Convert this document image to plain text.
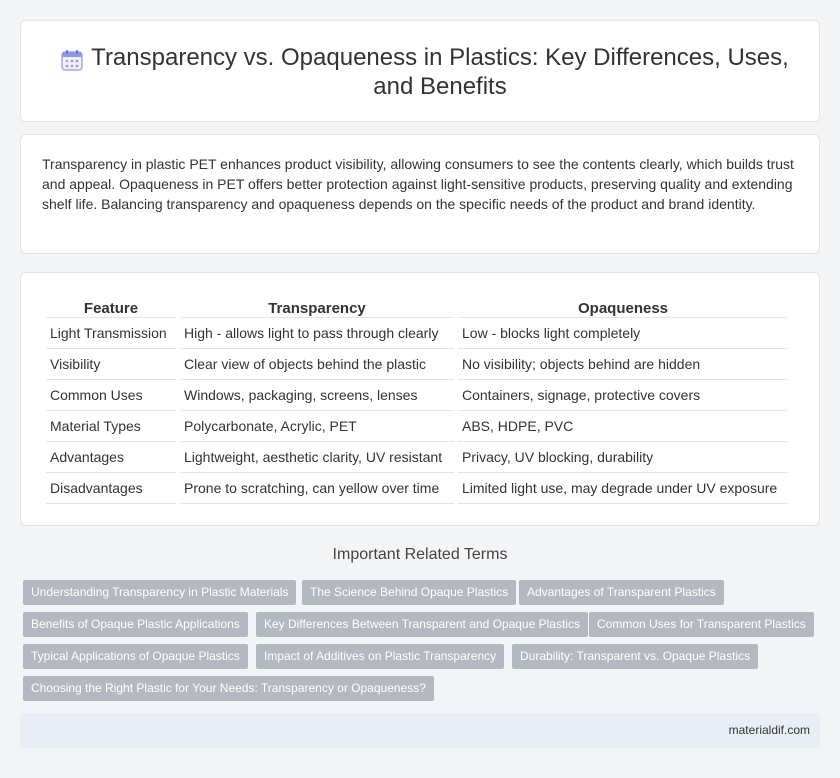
Transparency vs. Opaqueness in Plastics: Key Differences, Uses, and Benefits

Transparency in plastic PET enhances product visibility, allowing consumers to see the contents clearly, which builds trust and appeal. Opaqueness in PET offers better protection against light-sensitive products, preserving quality and extending shelf life. Balancing transparency and opaqueness depends on the specific needs of the product and brand identity.

Feature	Transparency	Opaqueness
Light Transmission	High - allows light to pass through clearly	Low - blocks light completely
Visibility	Clear view of objects behind the plastic	No visibility; objects behind are hidden
Common Uses	Windows, packaging, screens, lenses	Containers, signage, protective covers
Material Types	Polycarbonate, Acrylic, PET	ABS, HDPE, PVC
Advantages	Lightweight, aesthetic clarity, UV resistant	Privacy, UV blocking, durability
Disadvantages	Prone to scratching, can yellow over time	Limited light use, may degrade under UV exposure
Important Related Terms
Understanding Transparency in Plastic Materials	The Science Behind Opaque Plastics	Advantages of Transparent Plastics
Benefits of Opaque Plastic Applications	Key Differences Between Transparent and Opaque Plastics	Common Uses for Transparent Plastics
Typical Applications of Opaque Plastics	Impact of Additives on Plastic Transparency	Durability: Transparent vs. Opaque Plastics
Choosing the Right Plastic for Your Needs: Transparency or Opaqueness?
materialdif.com
